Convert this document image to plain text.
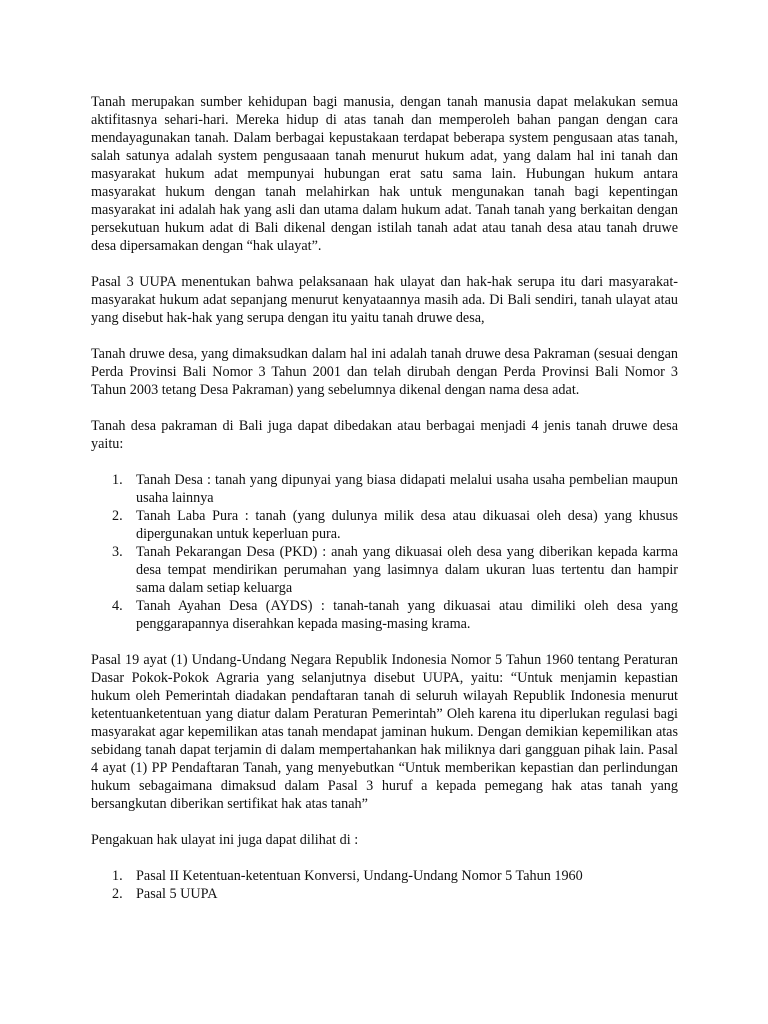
Tanah merupakan sumber kehidupan bagi manusia, dengan tanah manusia dapat melakukan semua aktifitasnya sehari-hari. Mereka hidup di atas tanah dan memperoleh bahan pangan dengan cara mendayagunakan tanah. Dalam berbagai kepustakaan terdapat beberapa system pengusaan atas tanah, salah satunya adalah system pengusaaan tanah menurut hukum adat, yang dalam hal ini tanah dan masyarakat hukum adat mempunyai hubungan erat satu sama lain. Hubungan hukum antara masyarakat hukum dengan tanah melahirkan hak untuk mengunakan tanah bagi kepentingan masyarakat ini adalah hak yang asli dan utama dalam hukum adat. Tanah tanah yang berkaitan dengan persekutuan hukum adat di Bali dikenal dengan istilah tanah adat atau tanah desa atau tanah druwe desa dipersamakan dengan “hak ulayat”.

Pasal 3 UUPA menentukan bahwa pelaksanaan hak ulayat dan hak-hak serupa itu dari masyarakat-masyarakat hukum adat sepanjang menurut kenyataannya masih ada. Di Bali sendiri, tanah ulayat atau yang disebut hak-hak yang serupa dengan itu yaitu tanah druwe desa,

Tanah druwe desa, yang dimaksudkan dalam hal ini adalah tanah druwe desa Pakraman (sesuai dengan Perda Provinsi Bali Nomor 3 Tahun 2001 dan telah dirubah dengan Perda Provinsi Bali Nomor 3 Tahun 2003 tetang Desa Pakraman) yang sebelumnya dikenal dengan nama desa adat.

Tanah desa pakraman di Bali juga dapat dibedakan atau berbagai menjadi 4 jenis tanah druwe desa yaitu:

1. Tanah Desa : tanah yang dipunyai yang biasa didapati melalui usaha usaha pembelian maupun usaha lainnya
2. Tanah Laba Pura : tanah (yang dulunya milik desa atau dikuasai oleh desa) yang khusus dipergunakan untuk keperluan pura.
3. Tanah Pekarangan Desa (PKD) : anah yang dikuasai oleh desa yang diberikan kepada karma desa tempat mendirikan perumahan yang lasimnya dalam ukuran luas tertentu dan hampir sama dalam setiap keluarga
4. Tanah Ayahan Desa (AYDS) : tanah-tanah yang dikuasai atau dimiliki oleh desa yang penggarapannya diserahkan kepada masing-masing krama.

Pasal 19 ayat (1) Undang-Undang Negara Republik Indonesia Nomor 5 Tahun 1960 tentang Peraturan Dasar Pokok-Pokok Agraria yang selanjutnya disebut UUPA, yaitu: “Untuk menjamin kepastian hukum oleh Pemerintah diadakan pendaftaran tanah di seluruh wilayah Republik Indonesia menurut ketentuanketentuan yang diatur dalam Peraturan Pemerintah” Oleh karena itu diperlukan regulasi bagi masyarakat agar kepemilikan atas tanah mendapat jaminan hukum. Dengan demikian kepemilikan atas sebidang tanah dapat terjamin di dalam mempertahankan hak miliknya dari gangguan pihak lain. Pasal 4 ayat (1) PP Pendaftaran Tanah, yang menyebutkan “Untuk memberikan kepastian dan perlindungan hukum sebagaimana dimaksud dalam Pasal 3 huruf a kepada pemegang hak atas tanah yang bersangkutan diberikan sertifikat hak atas tanah”

Pengakuan hak ulayat ini juga dapat dilihat di :

1. Pasal II Ketentuan-ketentuan Konversi, Undang-Undang Nomor 5 Tahun 1960
2. Pasal 5 UUPA
